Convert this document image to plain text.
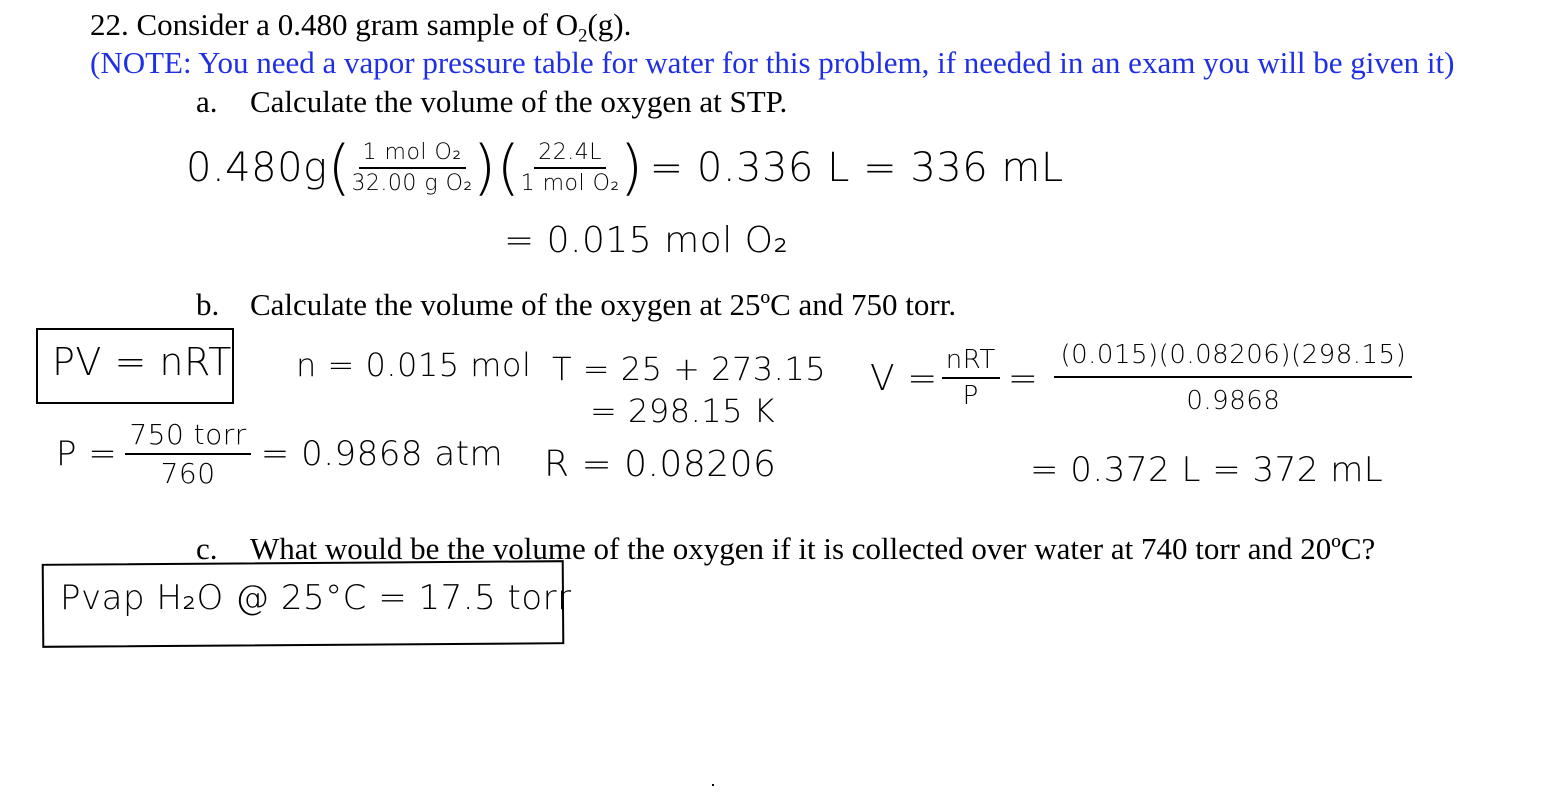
22. Consider a 0.480 gram sample of $O_2(g)$.
(NOTE: You need a vapor pressure table for water for this problem, if needed in an exam you will be given it)
a. Calculate the volume of the oxygen at STP.
0.480g ( $\frac{\text{1 mol O₂}}{\text{32.00 g O₂}}$ ) ( $\frac{22.4L}{\text{1 mol O₂}}$ ) = 0.336 L = 336 mL
= 0.015 mol O₂
b. Calculate the volume of the oxygen at 25ºC and 750 torr.
PV = nRT n = 0.015 mol T = 25 + 273.15
= 298.15 K
$V = \frac{\text{nRT}}{P} = \frac{(0.015)(0.08206)(298.15)}{0.9868}$
$P = \frac{\text{750 torr}}{760} = 0.9868$ atm R = 0.08206	= 0.372 L = 372 mL
c. What would be the volume of the oxygen if it is collected over water at 740 torr and 20ºC?
Pvap H₂O @ 25°C = 17.5 torr
